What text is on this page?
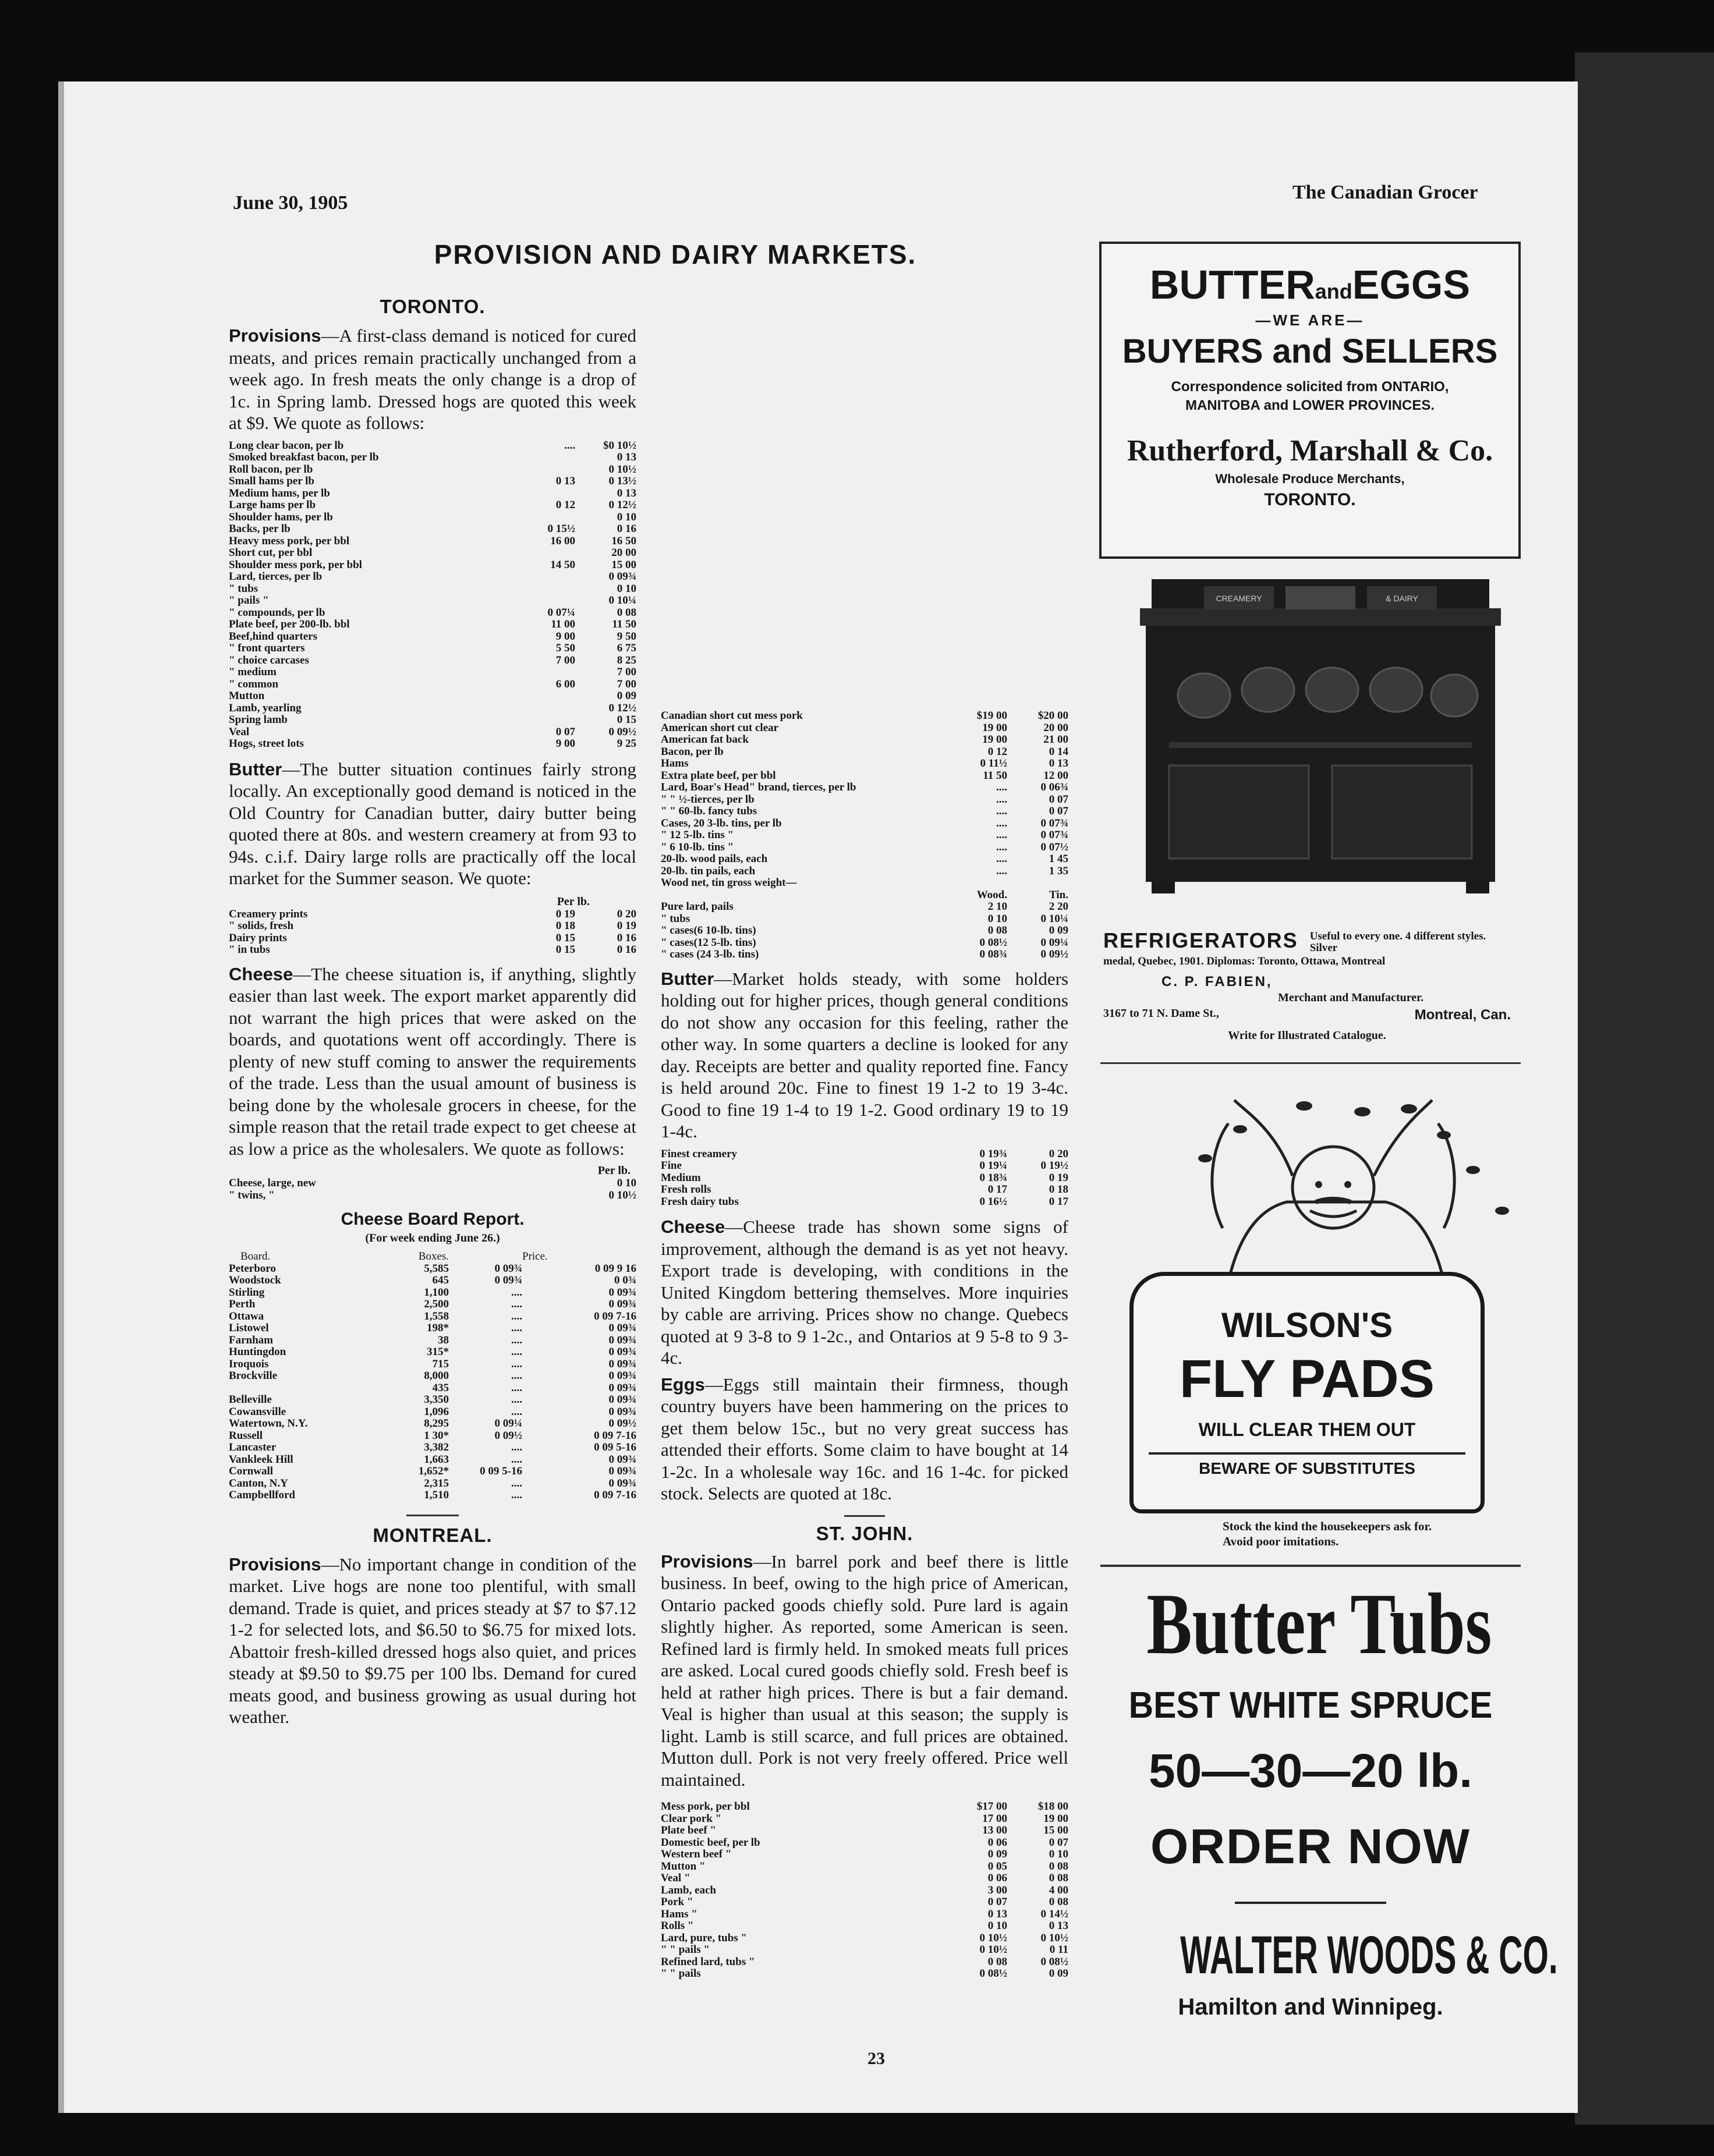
June 30, 1905	The Canadian Grocer
PROVISION AND DAIRY MARKETS.
TORONTO.

Provisions—A first-class demand is noticed for cured meats, and prices remain practically unchanged from a week ago. In fresh meats the only change is a drop of 1c. in Spring lamb. Dressed hogs are quoted this week at $9. We quote as follows:

Long clear bacon, per lb	....	$0 10½
Smoked breakfast bacon, per lb		0 13
Roll bacon, per lb		0 10½
Small hams per lb	0 13	0 13½
Medium hams, per lb		0 13
Large hams per lb	0 12	0 12½
Shoulder hams, per lb		0 10
Backs, per lb	0 15½	0 16
Heavy mess pork, per bbl	16 00	16 50
Short cut, per bbl		20 00
Shoulder mess pork, per bbl	14 50	15 00
Lard, tierces, per lb		0 09¾
" tubs		0 10
" pails "		0 10¼
" compounds, per lb	0 07¼	0 08
Plate beef, per 200-lb. bbl	11 00	11 50
Beef,hind quarters	9 00	9 50
" front quarters	5 50	6 75
" choice carcases	7 00	8 25
" medium		7 00
" common	6 00	7 00
Mutton		0 09
Lamb, yearling		0 12½
Spring lamb		0 15
Veal	0 07	0 09½
Hogs, street lots	9 00	9 25

Butter—The butter situation continues fairly strong locally. An exceptionally good demand is noticed in the Old Country for Canadian butter, dairy butter being quoted there at 80s. and western creamery at from 93 to 94s. c.i.f. Dairy large rolls are practically off the local market for the Summer season. We quote:

Per lb.
Creamery prints	0 19	0 20
" solids, fresh	0 18	0 19
Dairy prints	0 15	0 16
" in tubs	0 15	0 16

Cheese—The cheese situation is, if anything, slightly easier than last week. The export market apparently did not warrant the high prices that were asked on the boards, and quotations went off accordingly. There is plenty of new stuff coming to answer the requirements of the trade. Less than the usual amount of business is being done by the wholesale grocers in cheese, for the simple reason that the retail trade expect to get cheese at as low a price as the wholesalers. We quote as follows:

Per lb.
Cheese, large, new	0 10
" twins, "	0 10½
Cheese Board Report.
(For week ending June 26.)
Board.	Boxes.		Price.
Peterboro	5,585	0 09¾	0 09 9 16
Woodstock	645	0 09¾	0 0¾
Stirling	1,100	....	0 09¾
Perth	2,500	....	0 09¾
Ottawa	1,558	....	0 09 7-16
Listowel	198*	....	0 09¾
Farnham	38	....	0 09¾
Huntingdon	315*	....	0 09¾
Iroquois	715	....	0 09¾
Brockville	8,000	....	0 09¾
	435	....	0 09¾
Belleville	3,350	....	0 09¾
Cowansville	1,096	....	0 09¾
Watertown, N.Y.	8,295	0 09¼	0 09½
Russell	1 30*	0 09½	0 09 7-16
Lancaster	3,382	....	0 09 5-16
Vankleek Hill	1,663	....	0 09¾
Cornwall	1,652*	0 09 5-16	0 09¾
Canton, N.Y	2,315	....	0 09¾
Campbellford	1,510	....	0 09 7-16
MONTREAL.

Provisions—No important change in condition of the market. Live hogs are none too plentiful, with small demand. Trade is quiet, and prices steady at $7 to $7.12 1-2 for selected lots, and $6.50 to $6.75 for mixed lots. Abattoir fresh-killed dressed hogs also quiet, and prices steady at $9.50 to $9.75 per 100 lbs. Demand for cured meats good, and business growing as usual during hot weather.

Canadian short cut mess pork	$19 00	$20 00
American short cut clear	19 00	20 00
American fat back	19 00	21 00
Bacon, per lb	0 12	0 14
Hams	0 11½	0 13
Extra plate beef, per bbl	11 50	12 00
Lard, Boar's Head" brand, tierces, per lb	....	0 06¾
" " ½-tierces, per lb	....	0 07
" " 60-lb. fancy tubs	....	0 07
Cases, 20 3-lb. tins, per lb	....	0 07¾
" 12 5-lb. tins "	....	0 07¾
" 6 10-lb. tins "	....	0 07½
20-lb. wood pails, each	....	1 45
20-lb. tin pails, each	....	1 35
Wood net, tin gross weight—		
	Wood.	Tin.
Pure lard, pails	2 10	2 20
" tubs	0 10	0 10¼
" cases(6 10-lb. tins)	0 08	0 09
" cases(12 5-lb. tins)	0 08½	0 09¼
" cases (24 3-lb. tins)	0 08¾	0 09½

Butter—Market holds steady, with some holders holding out for higher prices, though general conditions do not show any occasion for this feeling, rather the other way. In some quarters a decline is looked for any day. Receipts are better and quality reported fine. Fancy is held around 20c. Fine to finest 19 1-2 to 19 3-4c. Good to fine 19 1-4 to 19 1-2. Good ordinary 19 to 19 1-4c.

Finest creamery	0 19¾	0 20
Fine	0 19¼	0 19½
Medium	0 18¾	0 19
Fresh rolls	0 17	0 18
Fresh dairy tubs	0 16½	0 17

Cheese—Cheese trade has shown some signs of improvement, although the demand is as yet not heavy. Export trade is developing, with conditions in the United Kingdom bettering themselves. More inquiries by cable are arriving. Prices show no change. Quebecs quoted at 9 3-8 to 9 1-2c., and Ontarios at 9 5-8 to 9 3-4c.

Eggs—Eggs still maintain their firmness, though country buyers have been hammering on the prices to get them below 15c., but no very great success has attended their efforts. Some claim to have bought at 14 1-2c. In a wholesale way 16c. and 16 1-4c. for picked stock. Selects are quoted at 18c.

ST. JOHN.

Provisions—In barrel pork and beef there is little business. In beef, owing to the high price of American, Ontario packed goods chiefly sold. Pure lard is again slightly higher. As reported, some American is seen. Refined lard is firmly held. In smoked meats full prices are asked. Local cured goods chiefly sold. Fresh beef is held at rather high prices. There is but a fair demand. Veal is higher than usual at this season; the supply is light. Lamb is still scarce, and full prices are obtained. Mutton dull. Pork is not very freely offered. Price well maintained.

Mess pork, per bbl	$17 00	$18 00
Clear pork "	17 00	19 00
Plate beef "	13 00	15 00
Domestic beef, per lb	0 06	0 07
Western beef "	0 09	0 10
Mutton "	0 05	0 08
Veal "	0 06	0 08
Lamb, each	3 00	4 00
Pork "	0 07	0 08
Hams "	0 13	0 14½
Rolls "	0 10	0 13
Lard, pure, tubs "	0 10½	0 10½
" " pails "	0 10½	0 11
Refined lard, tubs "	0 08	0 08½
" " pails	0 08½	0 09
23
BUTTERandEGGS
—WE ARE—
BUYERS and SELLERS
Correspondence solicited from ONTARIO,
MANITOBA and LOWER PROVINCES.
Rutherford, Marshall & Co.
Wholesale Produce Merchants,
TORONTO.
CREAMERY	& DAIRY
REFRIGERATORS Useful to every one. 4 different styles. Silver
medal, Quebec, 1901. Diplomas: Toronto, Ottawa, Montreal
C. P. FABIEN,
Merchant and Manufacturer.
3167 to 71 N. Dame St.,	Montreal, Can.
Write for Illustrated Catalogue.
WILSON'S
FLY PADS
WILL CLEAR THEM OUT
BEWARE OF SUBSTITUTES
Stock the kind the housekeepers ask for.
Avoid poor imitations.
Butter Tubs
BEST WHITE SPRUCE
50—30—20 lb.
ORDER NOW
WALTER WOODS & CO.
Hamilton and Winnipeg.
